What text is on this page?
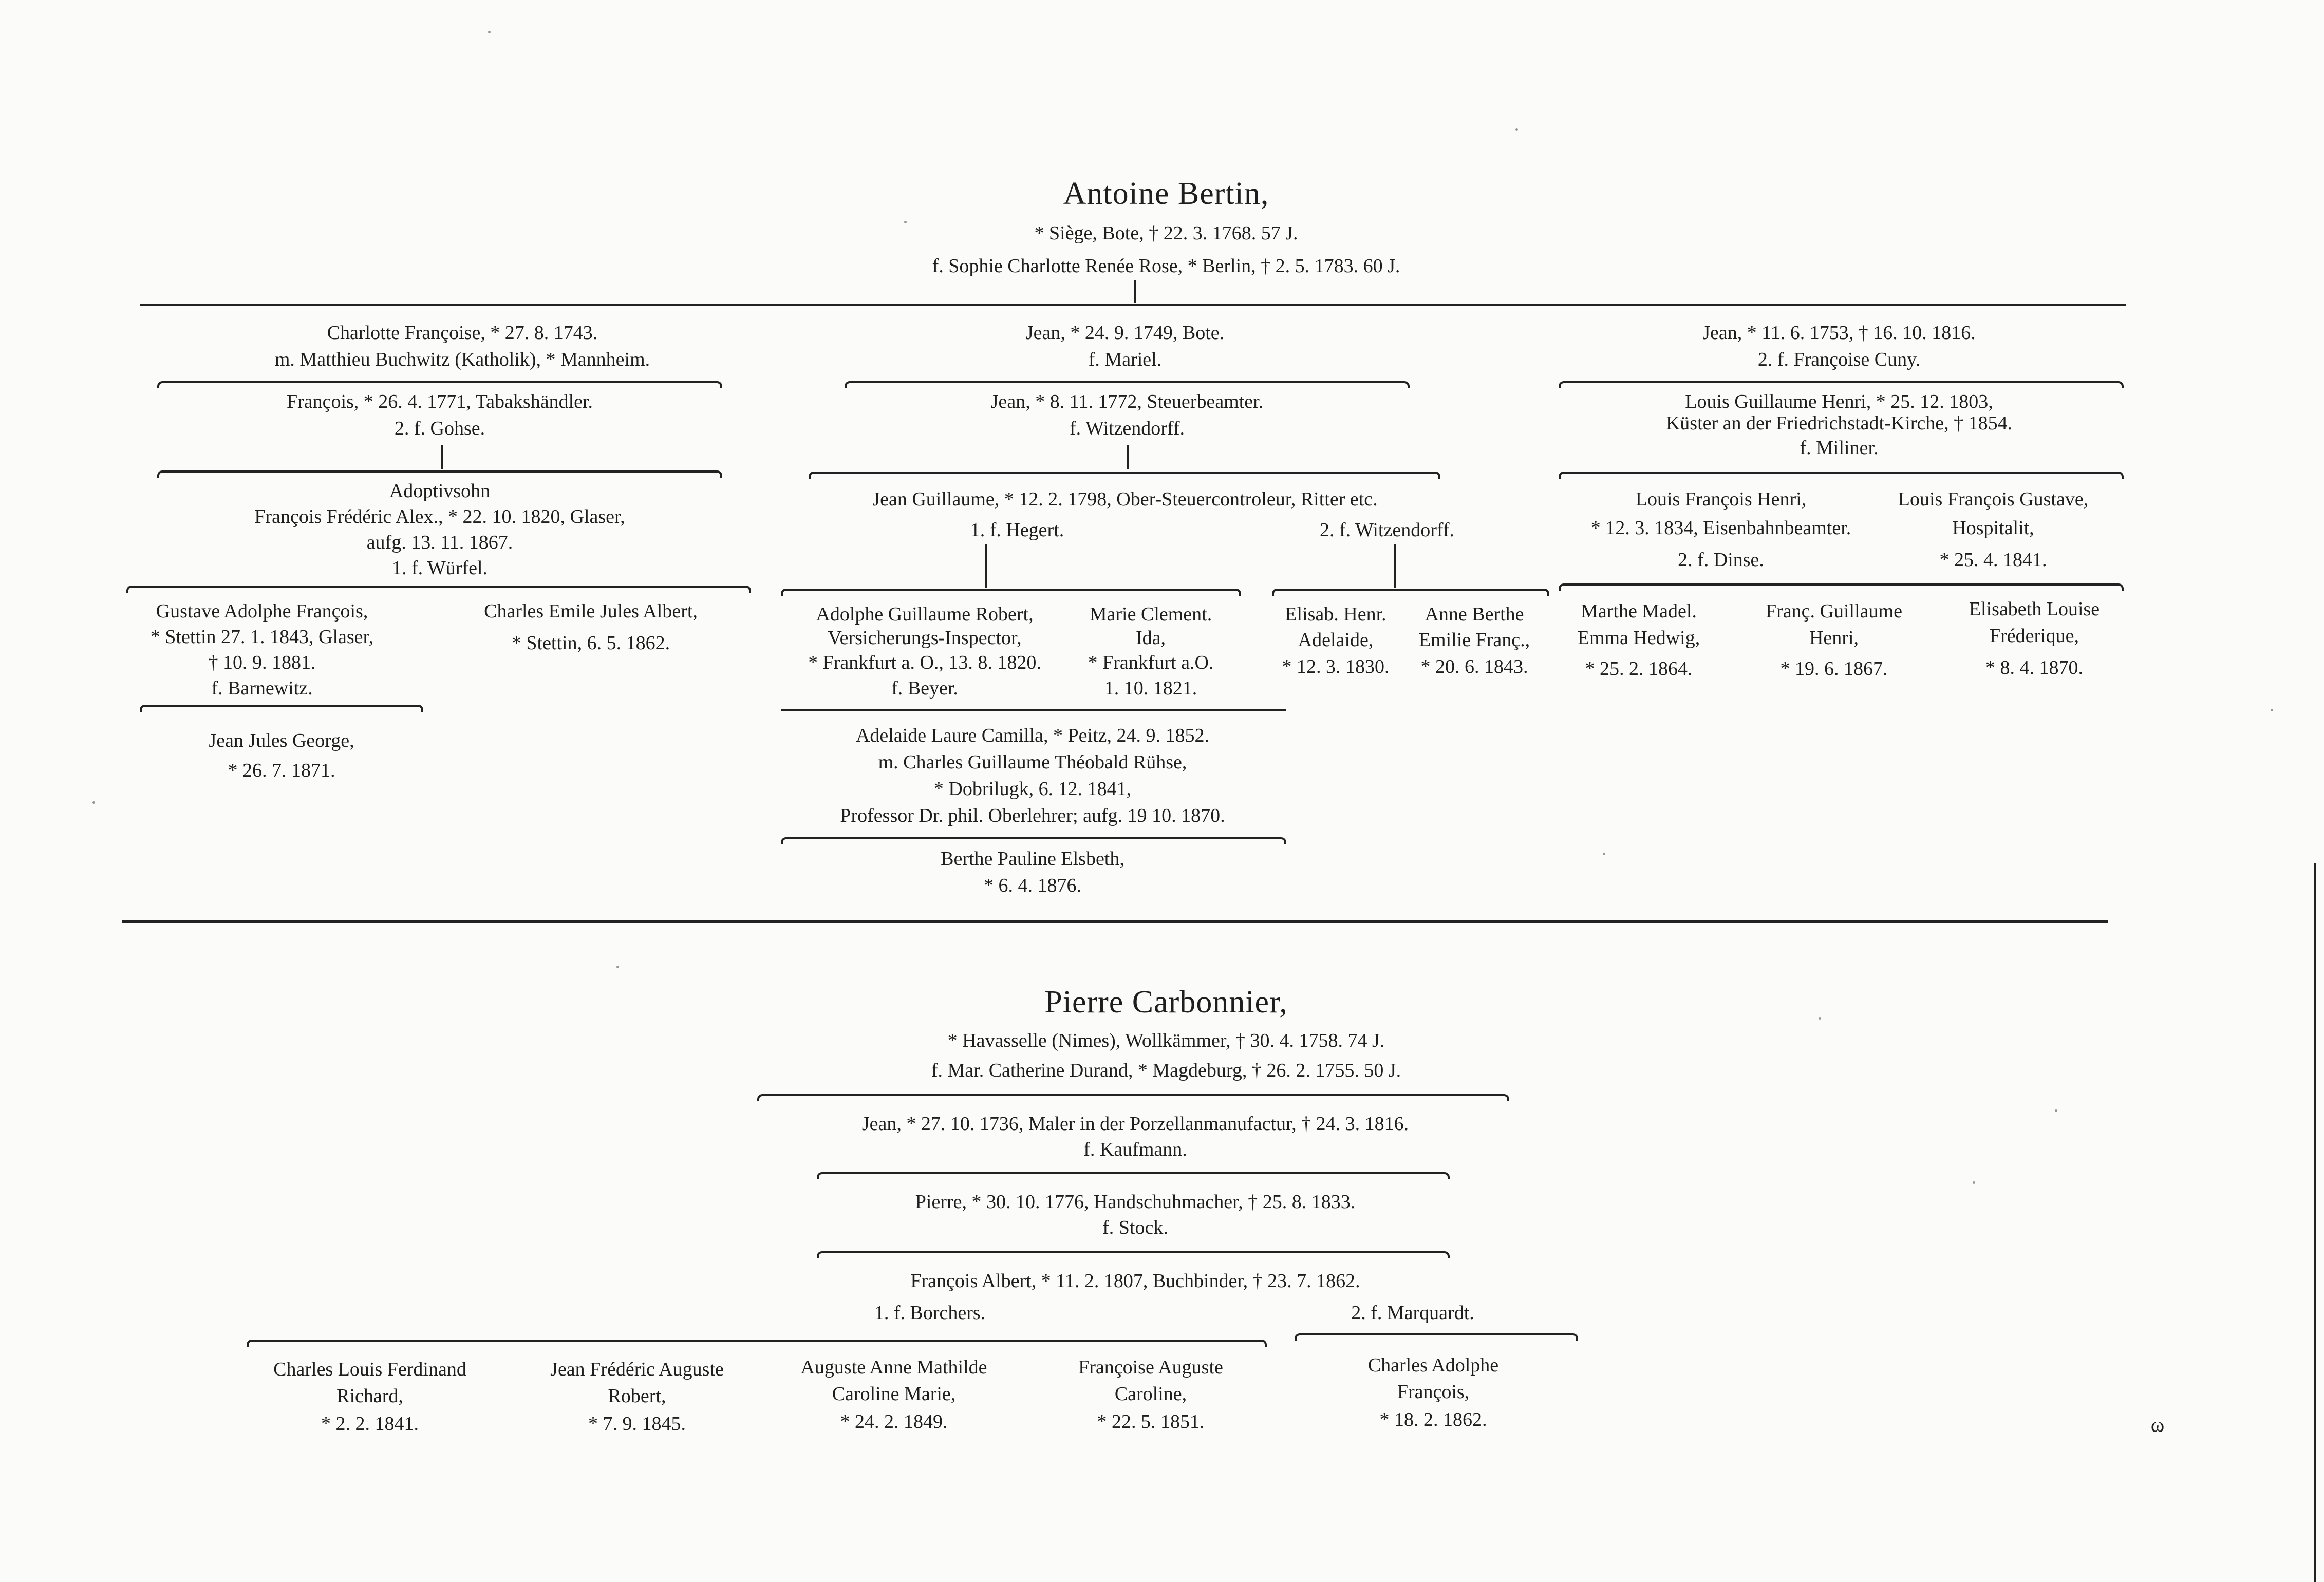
Antoine Bertin,
* Siège, Bote, † 22. 3. 1768. 57 J.
f. Sophie Charlotte Renée Rose, * Berlin, † 2. 5. 1783. 60 J.
Charlotte Françoise, * 27. 8. 1743.
m. Matthieu Buchwitz (Katholik), * Mannheim.
François, * 26. 4. 1771, Tabakshändler.
2. f. Gohse.
Adoptivsohn
François Frédéric Alex., * 22. 10. 1820, Glaser,
aufg. 13. 11. 1867.
1. f. Würfel.
Gustave Adolphe François,
* Stettin 27. 1. 1843, Glaser,
† 10. 9. 1881.
f. Barnewitz.
Charles Emile Jules Albert,
* Stettin, 6. 5. 1862.
Jean Jules George,
* 26. 7. 1871.
Jean, * 24. 9. 1749, Bote.
f. Mariel.
Jean, * 8. 11. 1772, Steuerbeamter.
f. Witzendorff.
Jean Guillaume, * 12. 2. 1798, Ober-Steuercontroleur, Ritter etc.
1. f. Hegert.	2. f. Witzendorff.
Adolphe Guillaume Robert,
Versicherungs-Inspector,
* Frankfurt a. O., 13. 8. 1820.
f. Beyer.
Marie Clement.
Ida,
* Frankfurt a.O.
1. 10. 1821.
Elisab. Henr.
Adelaide,
* 12. 3. 1830.
Anne Berthe
Emilie Franç.,
* 20. 6. 1843.
Adelaide Laure Camilla, * Peitz, 24. 9. 1852.
m. Charles Guillaume Théobald Rühse,
* Dobrilugk, 6. 12. 1841,
Professor Dr. phil. Oberlehrer; aufg. 19 10. 1870.
Berthe Pauline Elsbeth,
* 6. 4. 1876.
Jean, * 11. 6. 1753, † 16. 10. 1816.
2. f. Françoise Cuny.
Louis Guillaume Henri, * 25. 12. 1803,
Küster an der Friedrichstadt-Kirche, † 1854.
f. Miliner.
Louis François Henri,
* 12. 3. 1834, Eisenbahnbeamter.
2. f. Dinse.
Louis François Gustave,
Hospitalit,
* 25. 4. 1841.
Marthe Madel.
Emma Hedwig,
* 25. 2. 1864.
Franç. Guillaume
Henri,
* 19. 6. 1867.
Elisabeth Louise
Fréderique,
* 8. 4. 1870.
Pierre Carbonnier,
* Havasselle (Nimes), Wollkämmer, † 30. 4. 1758. 74 J.
f. Mar. Catherine Durand, * Magdeburg, † 26. 2. 1755. 50 J.
Jean, * 27. 10. 1736, Maler in der Porzellanmanufactur, † 24. 3. 1816.
f. Kaufmann.
Pierre, * 30. 10. 1776, Handschuhmacher, † 25. 8. 1833.
f. Stock.
François Albert, * 11. 2. 1807, Buchbinder, † 23. 7. 1862.
1. f. Borchers.	2. f. Marquardt.
Charles Louis Ferdinand
Richard,
* 2. 2. 1841.
Jean Frédéric Auguste
Robert,
* 7. 9. 1845.
Auguste Anne Mathilde
Caroline Marie,
* 24. 2. 1849.
Françoise Auguste
Caroline,
* 22. 5. 1851.
Charles Adolphe
François,
* 18. 2. 1862.	ω
